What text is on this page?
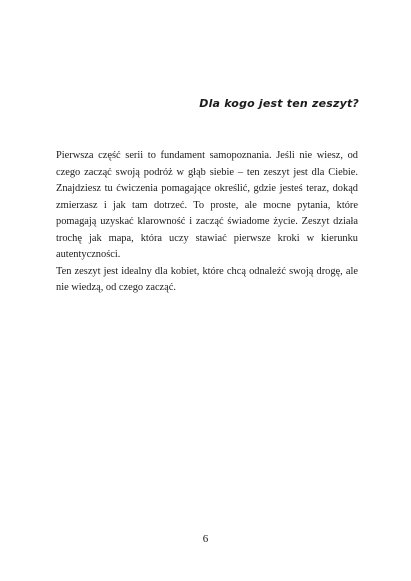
Dla kogo jest ten zeszyt?

Pierwsza część serii to fundament samopoznania. Jeśli nie wiesz, od czego zacząć swoją podróż w głąb siebie – ten zeszyt jest dla Ciebie. Znajdziesz tu ćwiczenia pomagające określić, gdzie jesteś teraz, dokąd zmierzasz i jak tam dotrzeć. To proste, ale mocne pytania, które pomagają uzyskać klarowność i zacząć świadome życie. Zeszyt działa trochę jak mapa, która uczy stawiać pierwsze kroki w kierunku autentyczności.

Ten zeszyt jest idealny dla kobiet, które chcą odnaleźć swoją drogę, ale nie wiedzą, od czego zacząć.

6
